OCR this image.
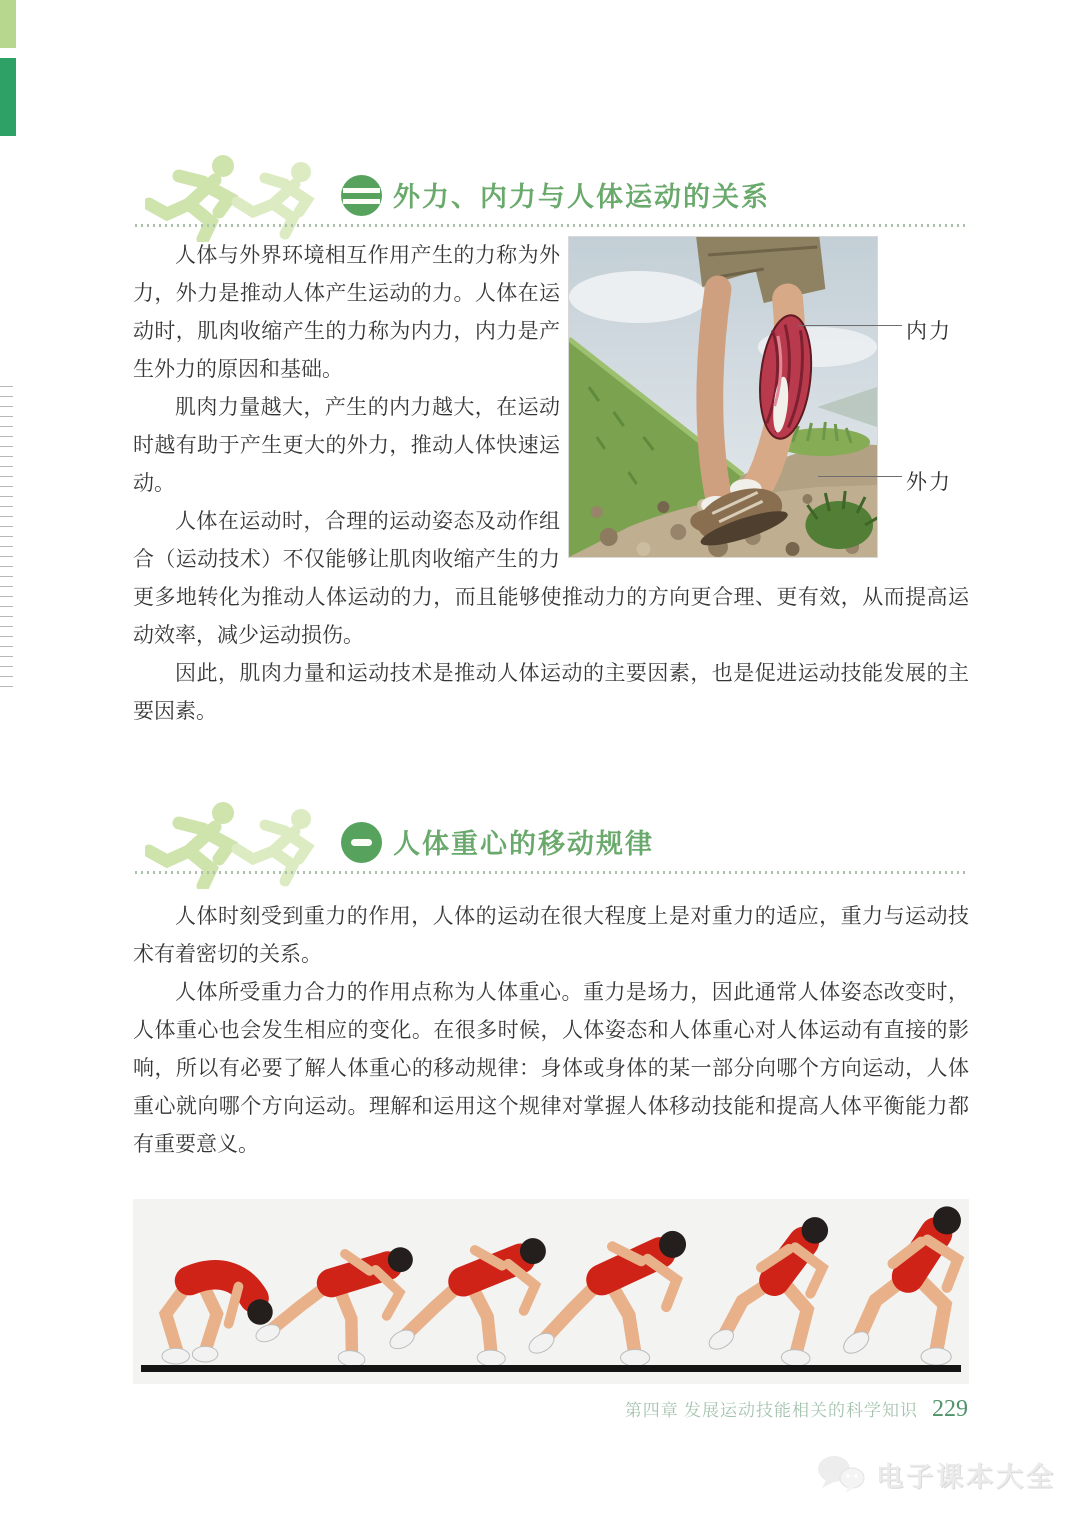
外力、内力与人体运动的关系
内力
外力

人体与外界环境相互作用产生的力称为外力，外力是推动人体产生运动的力。人体在运动时，肌肉收缩产生的力称为内力，内力是产生外力的原因和基础。

肌肉力量越大，产生的内力越大，在运动时越有助于产生更大的外力，推动人体快速运动。

人体在运动时，合理的运动姿态及动作组合（运动技术）不仅能够让肌肉收缩产生的力更多地转化为推动人体运动的力，而且能够使推动力的方向更合理、更有效，从而提高运动效率，减少运动损伤。

因此，肌肉力量和运动技术是推动人体运动的主要因素，也是促进运动技能发展的主要因素。

人体重心的移动规律

人体时刻受到重力的作用，人体的运动在很大程度上是对重力的适应，重力与运动技术有着密切的关系。

人体所受重力合力的作用点称为人体重心。重力是场力，因此通常人体姿态改变时，人体重心也会发生相应的变化。在很多时候，人体姿态和人体重心对人体运动有直接的影响，所以有必要了解人体重心的移动规律：身体或身体的某一部分向哪个方向运动，人体重心就向哪个方向运动。理解和运用这个规律对掌握人体移动技能和提高人体平衡能力都有重要意义。

第四章 发展运动技能相关的科学知识 229
电子课本大全
